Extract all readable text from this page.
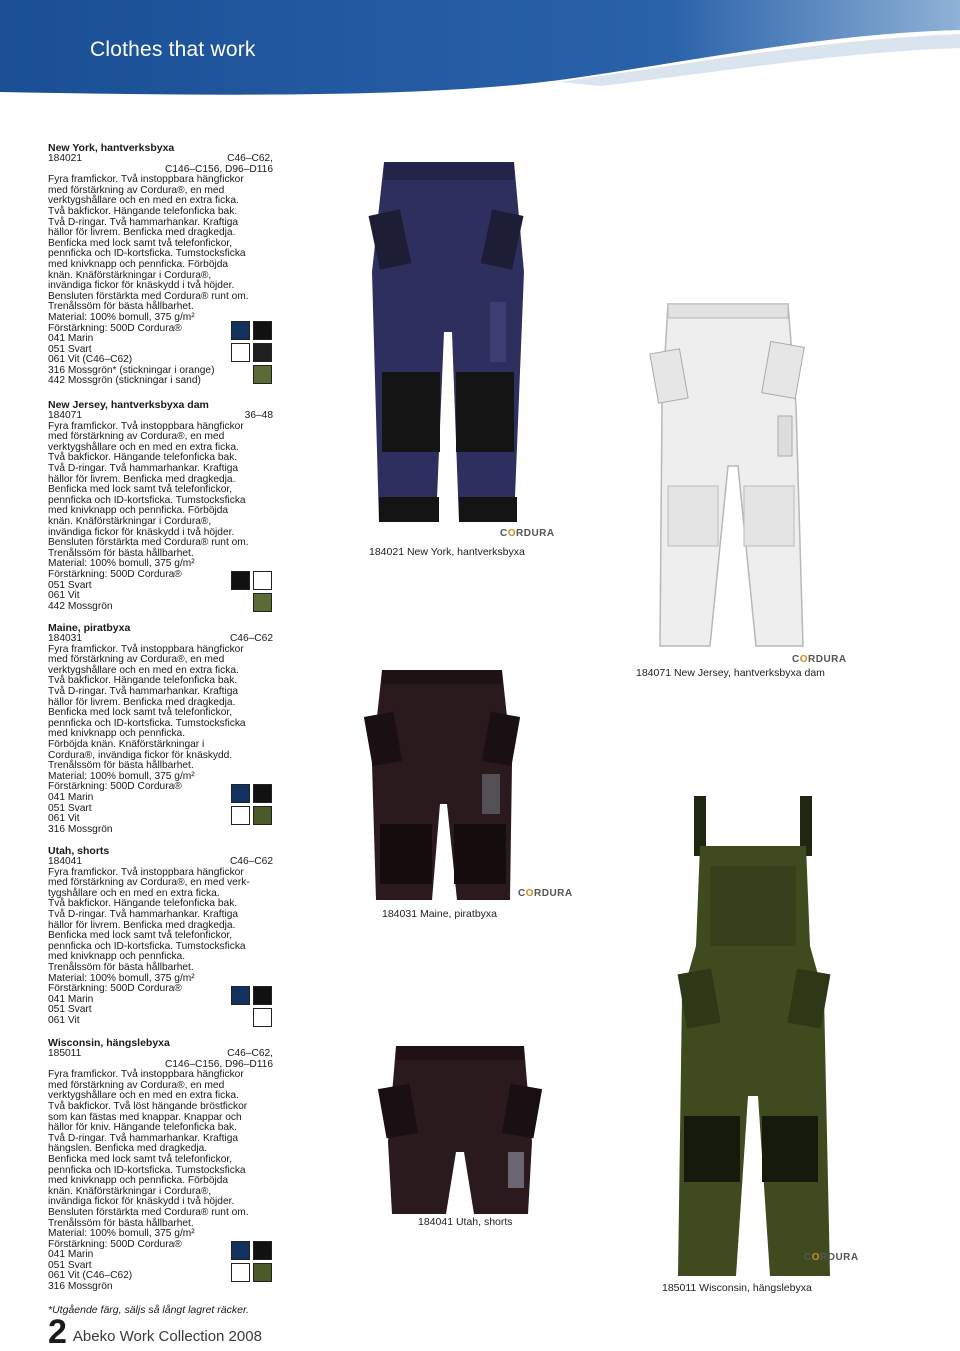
Clothes that work
New York, hantverksbyxa
184021	C46–C62,
C146–C156, D96–D116
Fyra framfickor. Två instoppbara hängfickor
med förstärkning av Cordura®, en med
verktygshållare och en med en extra ficka.
Två bakfickor. Hängande telefonficka bak.
Två D-ringar. Två hammarhankar. Kraftiga
hällor för livrem. Benficka med dragkedja.
Benficka med lock samt två telefonfickor,
pennficka och ID-kortsficka. Tumstocksficka
med knivknapp och pennficka. Förböjda
knän. Knäförstärkningar i Cordura®,
invändiga fickor för knäskydd i två höjder.
Bensluten förstärkta med Cordura® runt om.
Trenålssöm för bästa hållbarhet.
Material: 100% bomull, 375 g/m²
Förstärkning: 500D Cordura®
041 Marin
051 Svart
061 Vit (C46–C62)
316 Mossgrön* (stickningar i orange)
442 Mossgrön (stickningar i sand)
New Jersey, hantverksbyxa dam
184071	36–48
Fyra framfickor. Två instoppbara hängfickor
med förstärkning av Cordura®, en med
verktygshållare och en med en extra ficka.
Två bakfickor. Hängande telefonficka bak.
Två D-ringar. Två hammarhankar. Kraftiga
hällor för livrem. Benficka med dragkedja.
Benficka med lock samt två telefonfickor,
pennficka och ID-kortsficka. Tumstocksficka
med knivknapp och pennficka. Förböjda
knän. Knäförstärkningar i Cordura®,
invändiga fickor för knäskydd i två höjder.
Bensluten förstärkta med Cordura® runt om.
Trenålssöm för bästa hållbarhet.
Material: 100% bomull, 375 g/m²
Förstärkning: 500D Cordura®
051 Svart
061 Vit
442 Mossgrön
Maine, piratbyxa
184031	C46–C62
Fyra framfickor. Två instoppbara hängfickor
med förstärkning av Cordura®, en med
verktygshållare och en med en extra ficka.
Två bakfickor. Hängande telefonficka bak.
Två D-ringar. Två hammarhankar. Kraftiga
hällor för livrem. Benficka med dragkedja.
Benficka med lock samt två telefonfickor,
pennficka och ID-kortsficka. Tumstocksficka
med knivknapp och pennficka.
Förböjda knän. Knäförstärkningar i
Cordura®, invändiga fickor för knäskydd.
Trenålssöm för bästa hållbarhet.
Material: 100% bomull, 375 g/m²
Förstärkning: 500D Cordura®
041 Marin
051 Svart
061 Vit
316 Mossgrön
Utah, shorts
184041	C46–C62
Fyra framfickor. Två instoppbara hängfickor
med förstärkning av Cordura®, en med verk-
tygshållare och en med en extra ficka.
Två bakfickor. Hängande telefonficka bak.
Två D-ringar. Två hammarhankar. Kraftiga
hällor för livrem. Benficka med dragkedja.
Benficka med lock samt två telefonfickor,
pennficka och ID-kortsficka. Tumstocksficka
med knivknapp och pennficka.
Trenålssöm för bästa hållbarhet.
Material: 100% bomull, 375 g/m²
Förstärkning: 500D Cordura®
041 Marin
051 Svart
061 Vit
Wisconsin, hängslebyxa
185011	C46–C62,
C146–C156, D96–D116
Fyra framfickor. Två instoppbara hängfickor
med förstärkning av Cordura®, en med
verktygshållare och en med en extra ficka.
Två bakfickor. Två löst hängande bröstfickor
som kan fästas med knappar. Knappar och
hällor för kniv. Hängande telefonficka bak.
Två D-ringar. Två hammarhankar. Kraftiga
hängslen. Benficka med dragkedja.
Benficka med lock samt två telefonfickor,
pennficka och ID-kortsficka. Tumstocksficka
med knivknapp och pennficka. Förböjda
knän. Knäförstärkningar i Cordura®,
invändiga fickor för knäskydd i två höjder.
Bensluten förstärkta med Cordura® runt om.
Trenålssöm för bästa hållbarhet.
Material: 100% bomull, 375 g/m²
Förstärkning: 500D Cordura®
041 Marin
051 Svart
061 Vit (C46–C62)
316 Mossgrön
CORDURA
184021 New York, hantverksbyxa
CORDURA
184071 New Jersey, hantverksbyxa dam
CORDURA
184031 Maine, piratbyxa
184041 Utah, shorts
CORDURA
185011 Wisconsin, hängslebyxa
*Utgående färg, säljs så långt lagret räcker.
2 Abeko Work Collection 2008
